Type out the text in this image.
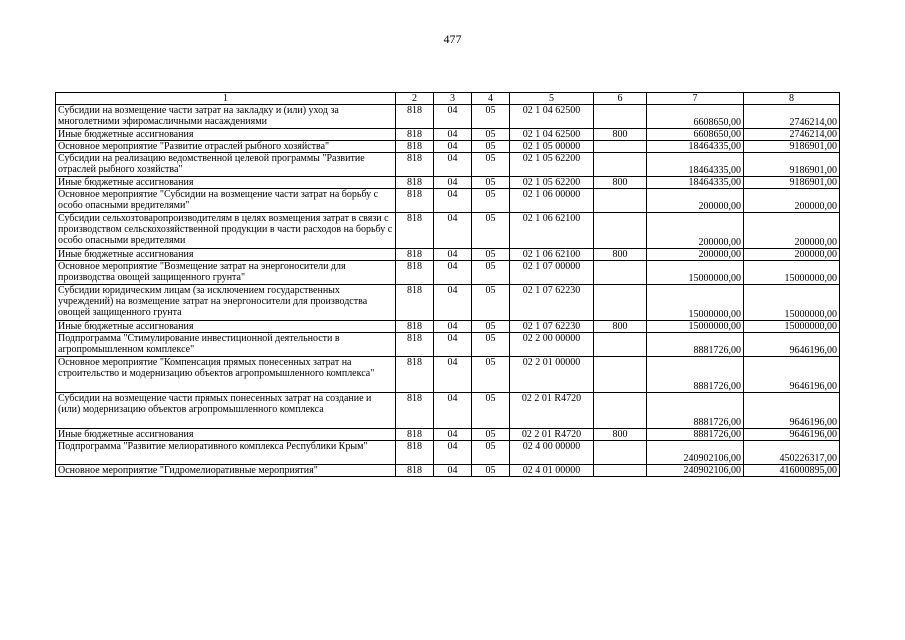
477
1	2	3	4	5	6	7	8
Субсидии на возмещение части затрат на закладку и (или) уход за многолетними эфиромасличными насаждениями	818	04	05	02 1 04 62500		6608650,00	2746214,00
Иные бюджетные ассигнования	818	04	05	02 1 04 62500	800	6608650,00	2746214,00
Основное мероприятие "Развитие отраслей рыбного хозяйства"	818	04	05	02 1 05 00000		18464335,00	9186901,00
Субсидии на реализацию ведомственной целевой программы "Развитие отраслей рыбного хозяйства"	818	04	05	02 1 05 62200		18464335,00	9186901,00
Иные бюджетные ассигнования	818	04	05	02 1 05 62200	800	18464335,00	9186901,00
Основное мероприятие "Субсидии на возмещение части затрат на борьбу с особо опасными вредителями"	818	04	05	02 1 06 00000		200000,00	200000,00
Субсидии сельхозтоваропроизводителям в целях возмещения затрат в связи с производством сельскохозяйственной продукции в части расходов на борьбу с особо опасными вредителями	818	04	05	02 1 06 62100		200000,00	200000,00
Иные бюджетные ассигнования	818	04	05	02 1 06 62100	800	200000,00	200000,00
Основное мероприятие "Возмещение затрат на энергоносители для производства овощей защищенного грунта"	818	04	05	02 1 07 00000		15000000,00	15000000,00
Субсидии юридическим лицам (за исключением государственных учреждений) на возмещение затрат на энергоносители для производства овощей защищенного грунта	818	04	05	02 1 07 62230		15000000,00	15000000,00
Иные бюджетные ассигнования	818	04	05	02 1 07 62230	800	15000000,00	15000000,00
Подпрограмма "Стимулирование инвестиционной деятельности в агропромышленном комплексе"	818	04	05	02 2 00 00000		8881726,00	9646196,00
Основное мероприятие "Компенсация прямых понесенных затрат на строительство и модернизацию объектов агропромышленного комплекса"	818	04	05	02 2 01 00000		8881726,00	9646196,00
Субсидии на возмещение части прямых понесенных затрат на создание и (или) модернизацию объектов агропромышленного комплекса	818	04	05	02 2 01 R4720		8881726,00	9646196,00
Иные бюджетные ассигнования	818	04	05	02 2 01 R4720	800	8881726,00	9646196,00
Подпрограмма "Развитие мелиоративного комплекса Республики Крым"	818	04	05	02 4 00 00000		240902106,00	450226317,00
Основное мероприятие "Гидромелиоративные мероприятия"	818	04	05	02 4 01 00000		240902106,00	416000895,00
